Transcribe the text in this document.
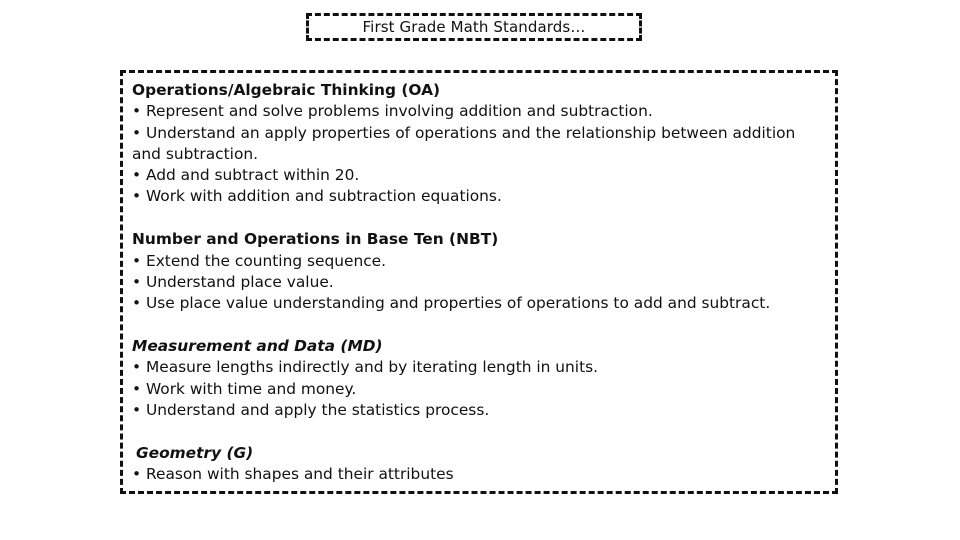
First Grade Math Standards…
Operations/Algebraic Thinking (OA)
• Represent and solve problems involving addition and subtraction.
• Understand an apply properties of operations and the relationship between addition and subtraction.
• Add and subtract within 20.
• Work with addition and subtraction equations.
Number and Operations in Base Ten (NBT)
• Extend the counting sequence.
• Understand place value.
• Use place value understanding and properties of operations to add and subtract.
Measurement and Data (MD)
• Measure lengths indirectly and by iterating length in units.
• Work with time and money.
• Understand and apply the statistics process.
Geometry (G)
• Reason with shapes and their attributes
